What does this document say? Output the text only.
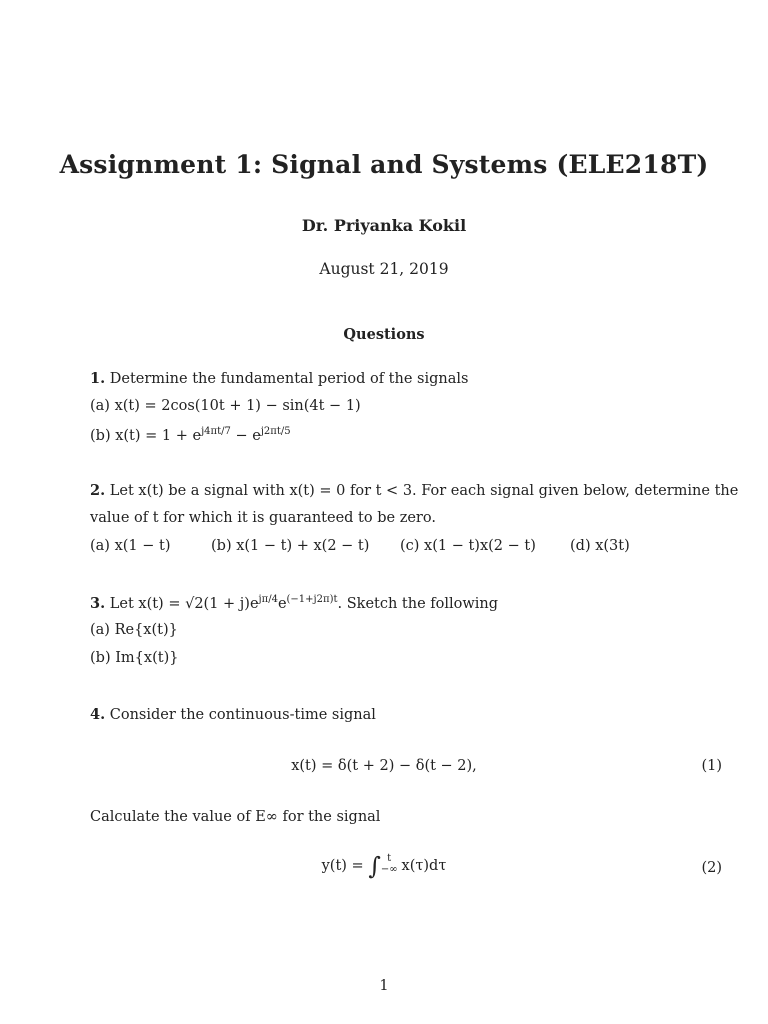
Assignment 1: Signal and Systems (ELE218T)
Dr. Priyanka Kokil
August 21, 2019
Questions
1. Determine the fundamental period of the signals
(a) x(t) = 2cos(10t + 1) − sin(4t − 1)
(b) $x(t) = 1 + e^{j4\pi t/7} - e^{j2\pi t/5}$
2. Let x(t) be a signal with x(t) = 0 for t < 3. For each signal given below, determine the
value of t for which it is guaranteed to be zero.
(a) x(1 − t)	(b) x(1 − t) + x(2 − t) (c) x(1 − t)x(2 − t) (d) x(3t)
3. Let $x(t) = √2(1 + j)e^{j\pi/4}e^{(-1+j2\pi)t}$. Sketch the following
(a) Re{x(t)}
(b) Im{x(t)}
4. Consider the continuous-time signal
x(t) = δ(t + 2) − δ(t − 2),	(1)
Calculate the value of E∞ for the signal
y(t) = ∫ t
−∞ x(τ)dτ	(2)
1
